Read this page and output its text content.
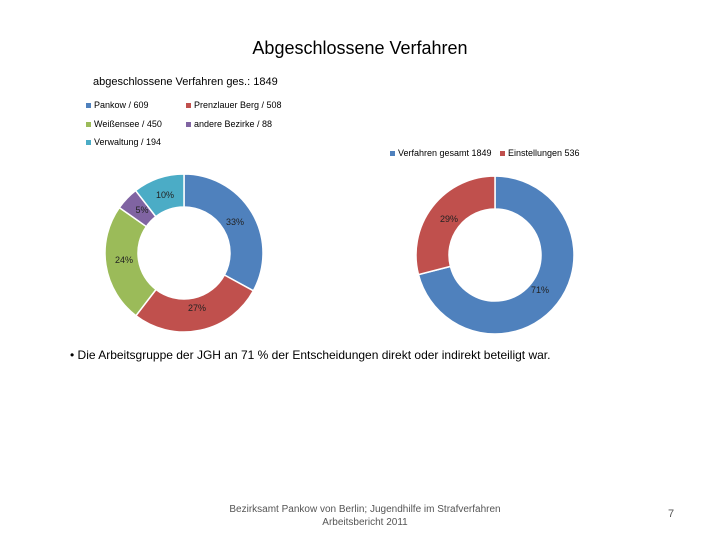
Abgeschlossene Verfahren
abgeschlossene Verfahren ges.: 1849
Pankow / 609	Prenzlauer Berg / 508
Weißensee / 450	andere Bezirke / 88
Verwaltung / 194
Verfahren gesamt 1849 Einstellungen 536
33%
27%
24%
5%
10%
71%
29%
• Die Arbeitsgruppe der JGH an 71 % der Entscheidungen direkt oder indirekt beteiligt war.
Bezirksamt Pankow von Berlin; Jugendhilfe im Strafverfahren Arbeitsbericht 2011
7
